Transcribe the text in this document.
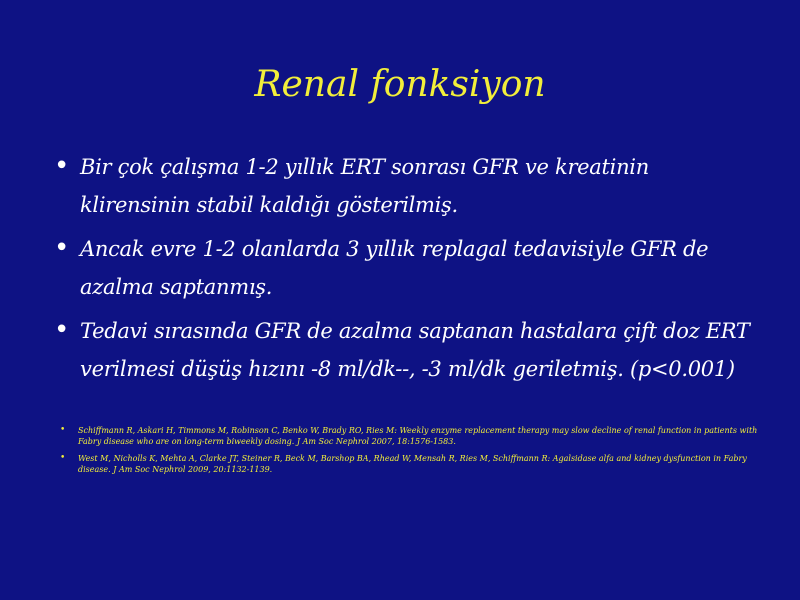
Renal fonksiyon
• Bir çok çalışma 1-2 yıllık ERT sonrası GFR ve kreatinin klirensinin stabil kaldığı gösterilmiş.
• Ancak evre 1-2 olanlarda 3 yıllık replagal tedavisiyle GFR de azalma saptanmış.
• Tedavi sırasında GFR de azalma saptanan hastalara çift doz ERT verilmesi düşüş hızını -8 ml/dk--, -3 ml/dk geriletmiş. (p<0.001)
• Schiffmann R, Askari H, Timmons M, Robinson C, Benko W, Brady RO, Ries M: Weekly enzyme replacement therapy may slow decline of renal function in patients with Fabry disease who are on long-term biweekly dosing. J Am Soc Nephrol 2007, 18:1576-1583.
• West M, Nicholls K, Mehta A, Clarke JT, Steiner R, Beck M, Barshop BA, Rhead W, Mensah R, Ries M, Schiffmann R: Agalsidase alfa and kidney dysfunction in Fabry disease. J Am Soc Nephrol 2009, 20:1132-1139.
